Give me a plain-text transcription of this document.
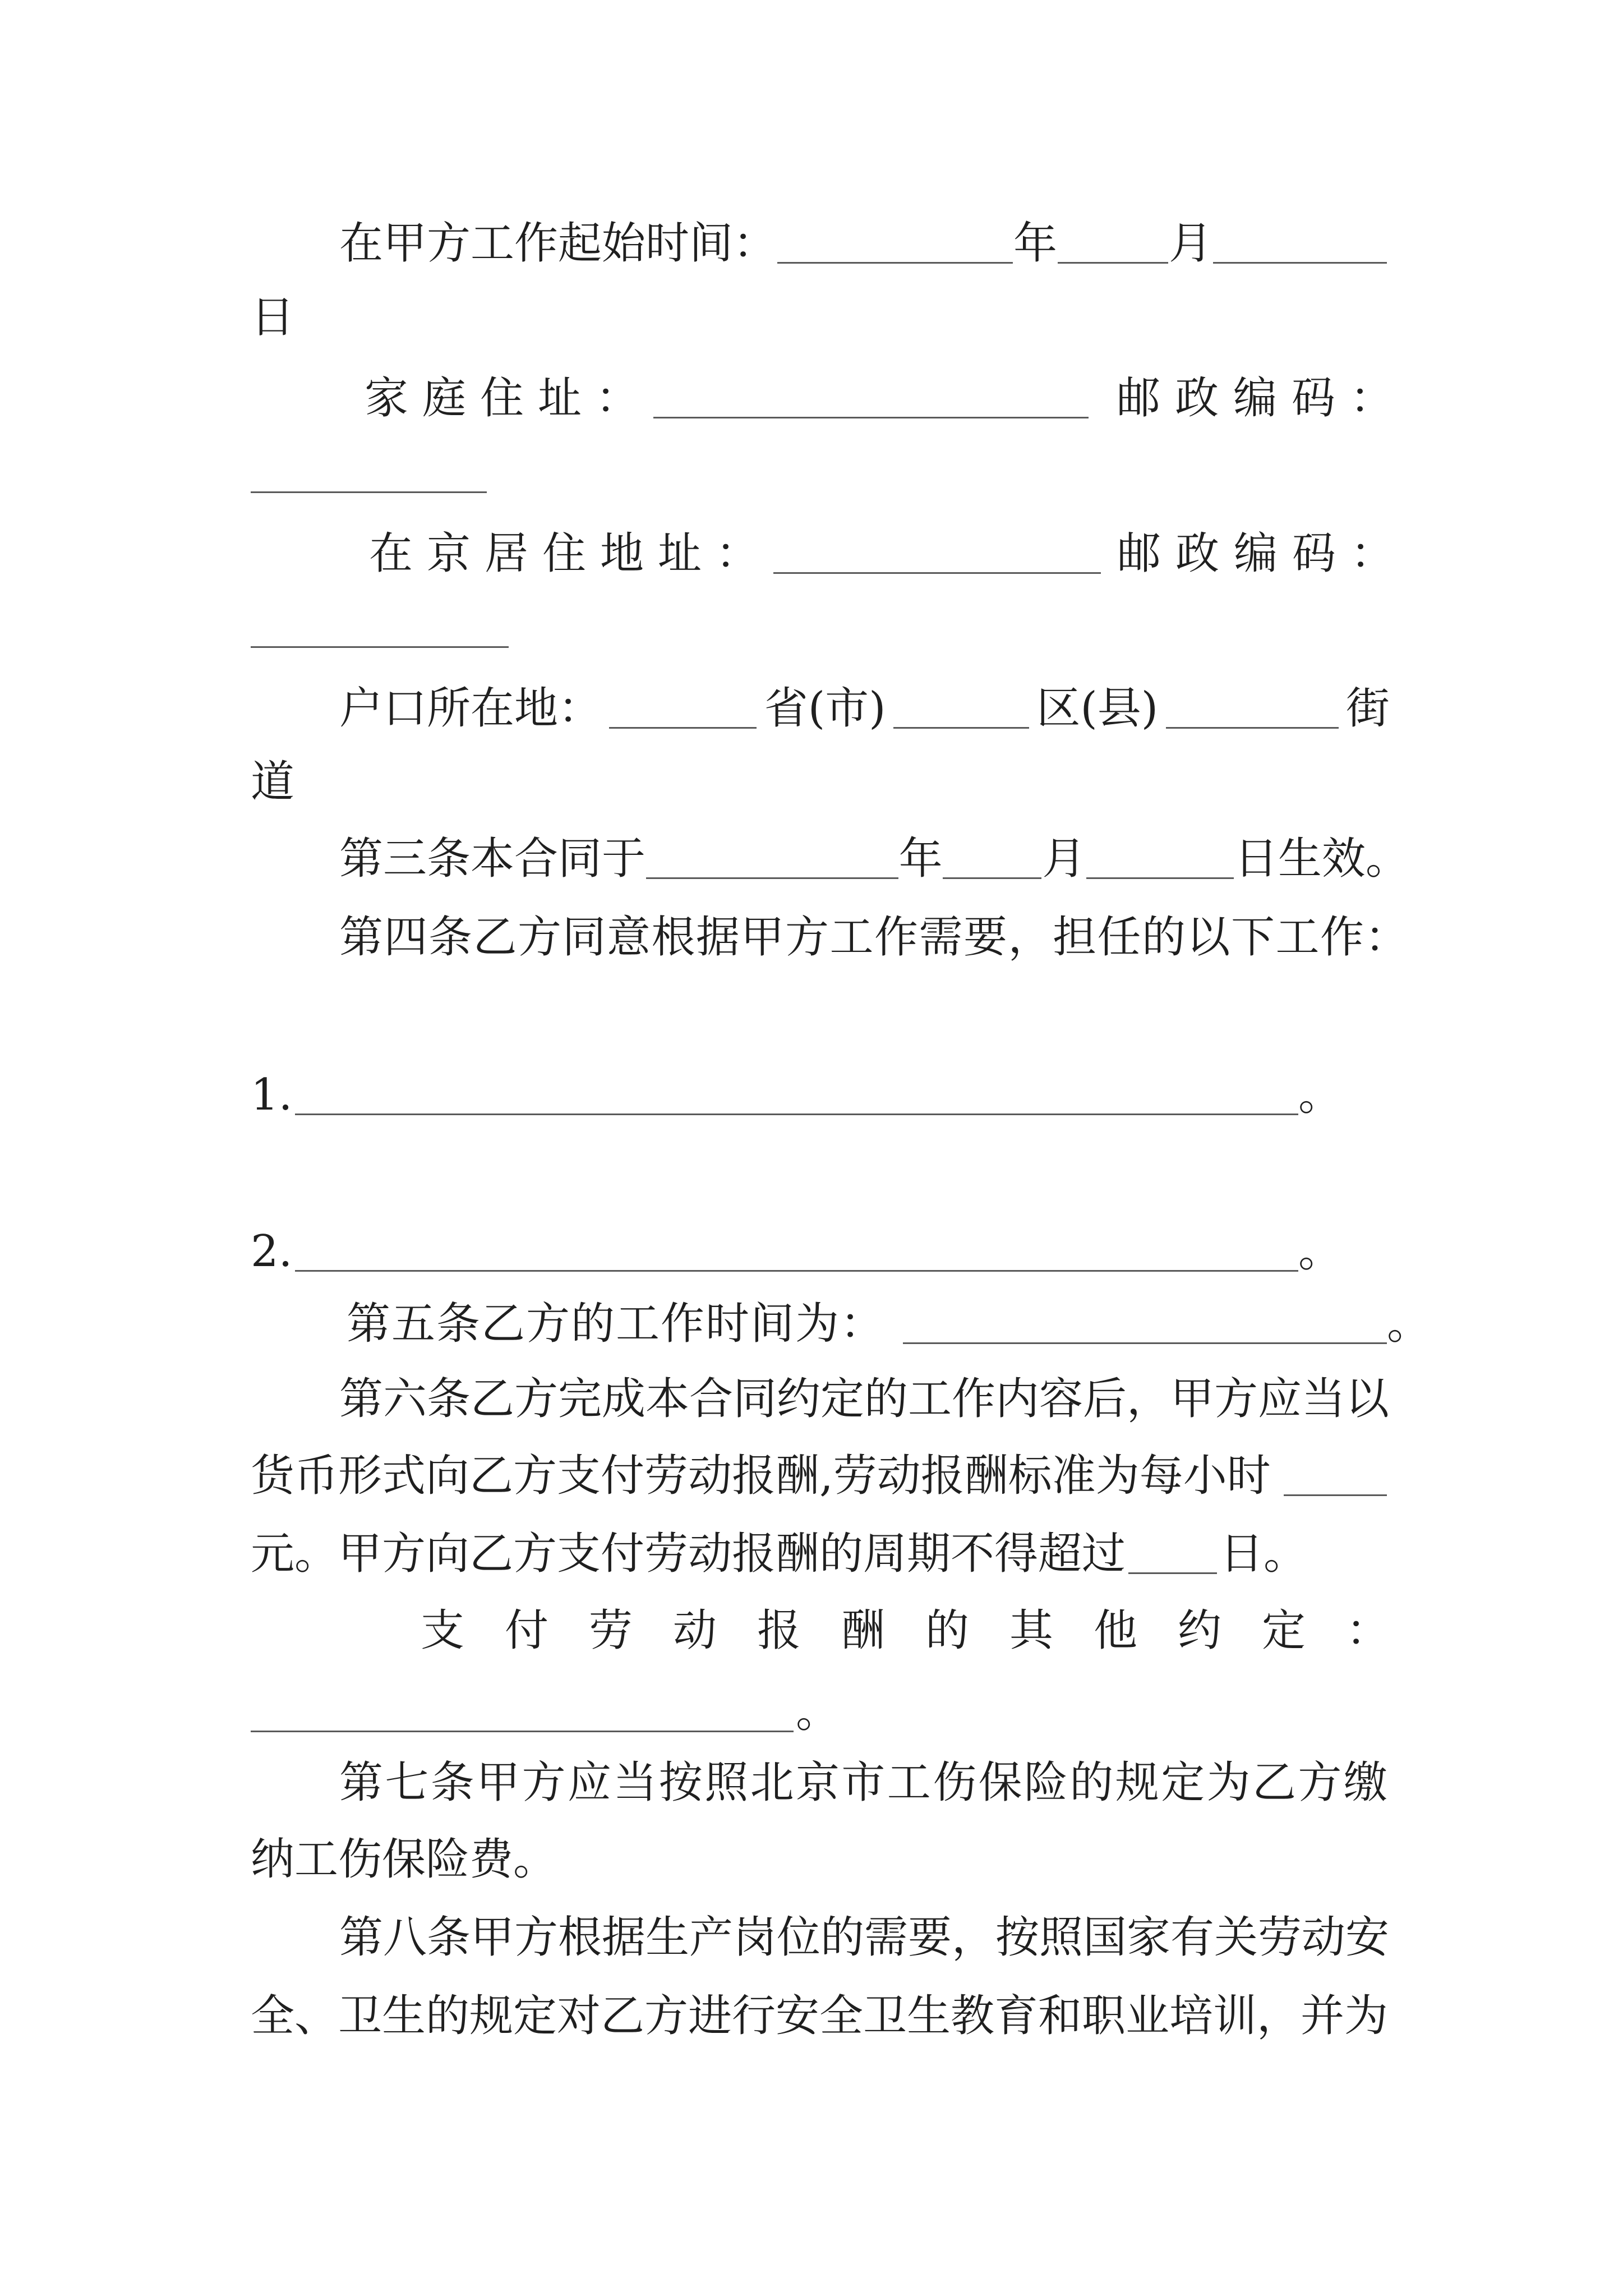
在甲方工作起始时间：	年	月
日
家庭住址：	邮政编码：
在京居住地址：	邮政编码：
户口所在地：	省(市)	区(县)	街
道
第三条本合同于	年 月	日生效。
第四条乙方同意根据甲方工作需要，担任的以下工作：
1.	。
2.	。
第五条乙方的工作时间为：	。
第六条乙方完成本合同约定的工作内容后，甲方应当以
货币形式向乙方支付劳动报酬,劳动报酬标准为每小时
元。甲方向乙方支付劳动报酬的周期不得超过 日。
支付劳动报酬的其他约定：
。
第七条甲方应当按照北京市工伤保险的规定为乙方缴
纳工伤保险费。
第八条甲方根据生产岗位的需要，按照国家有关劳动安
全、卫生的规定对乙方进行安全卫生教育和职业培训，并为
